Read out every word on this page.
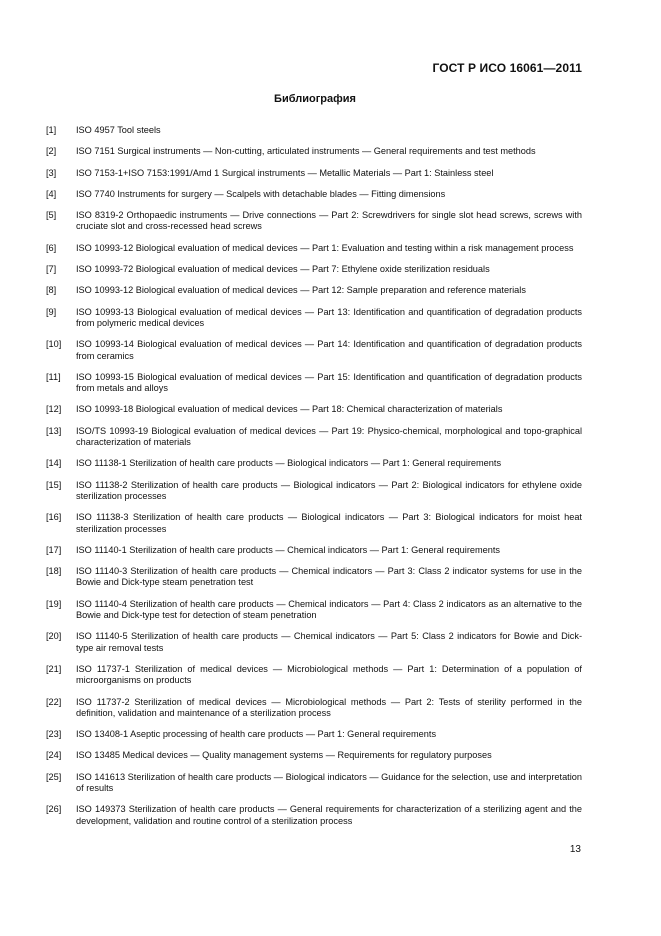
ГОСТ Р ИСО 16061—2011
Библиография
[1]	ISO 4957 Tool steels
[2]	ISO 7151 Surgical instruments — Non-cutting, articulated instruments — General requirements and test methods
[3]	ISO 7153-1+ISO 7153:1991/Amd 1 Surgical instruments — Metallic Materials — Part 1: Stainless steel
[4]	ISO 7740 Instruments for surgery — Scalpels with detachable blades — Fitting dimensions
[5]	ISO 8319-2 Orthopaedic instruments — Drive connections — Part 2: Screwdrivers for single slot head screws, screws with cruciate slot and cross-recessed head screws
[6]	ISO 10993-12 Biological evaluation of medical devices — Part 1: Evaluation and testing within a risk management process
[7]	ISO 10993-72 Biological evaluation of medical devices — Part 7: Ethylene oxide sterilization residuals
[8]	ISO 10993-12 Biological evaluation of medical devices — Part 12: Sample preparation and reference materials
[9]	ISO 10993-13 Biological evaluation of medical devices — Part 13: Identification and quantification of degradation products from polymeric medical devices
[10]	ISO 10993-14 Biological evaluation of medical devices — Part 14: Identification and quantification of degradation products from ceramics
[11]	ISO 10993-15 Biological evaluation of medical devices — Part 15: Identification and quantification of degradation products from metals and alloys
[12]	ISO 10993-18 Biological evaluation of medical devices — Part 18: Chemical characterization of materials
[13]	ISO/TS 10993-19 Biological evaluation of medical devices — Part 19: Physico-chemical, morphological and topo-graphical characterization of materials
[14]	ISO 11138-1 Sterilization of health care products — Biological indicators — Part 1: General requirements
[15]	ISO 11138-2 Sterilization of health care products — Biological indicators — Part 2: Biological indicators for ethylene oxide sterilization processes
[16]	ISO 11138-3 Sterilization of health care products — Biological indicators — Part 3: Biological indicators for moist heat sterilization processes
[17]	ISO 11140-1 Sterilization of health care products — Chemical indicators — Part 1: General requirements
[18]	ISO 11140-3 Sterilization of health care products — Chemical indicators — Part 3: Class 2 indicator systems for use in the Bowie and Dick-type steam penetration test
[19]	ISO 11140-4 Sterilization of health care products — Chemical indicators — Part 4: Class 2 indicators as an alternative to the Bowie and Dick-type test for detection of steam penetration
[20]	ISO 11140-5 Sterilization of health care products — Chemical indicators — Part 5: Class 2 indicators for Bowie and Dick-type air removal tests
[21]	ISO 11737-1 Sterilization of medical devices — Microbiological methods — Part 1: Determination of a population of microorganisms on products
[22]	ISO 11737-2 Sterilization of medical devices — Microbiological methods — Part 2: Tests of sterility performed in the definition, validation and maintenance of a sterilization process
[23]	ISO 13408-1 Aseptic processing of health care products — Part 1: General requirements
[24]	ISO 13485 Medical devices — Quality management systems — Requirements for regulatory purposes
[25]	ISO 141613 Sterilization of health care products — Biological indicators — Guidance for the selection, use and interpretation of results
[26]	ISO 149373 Sterilization of health care products — General requirements for characterization of a sterilizing agent and the development, validation and routine control of a sterilization process
13
